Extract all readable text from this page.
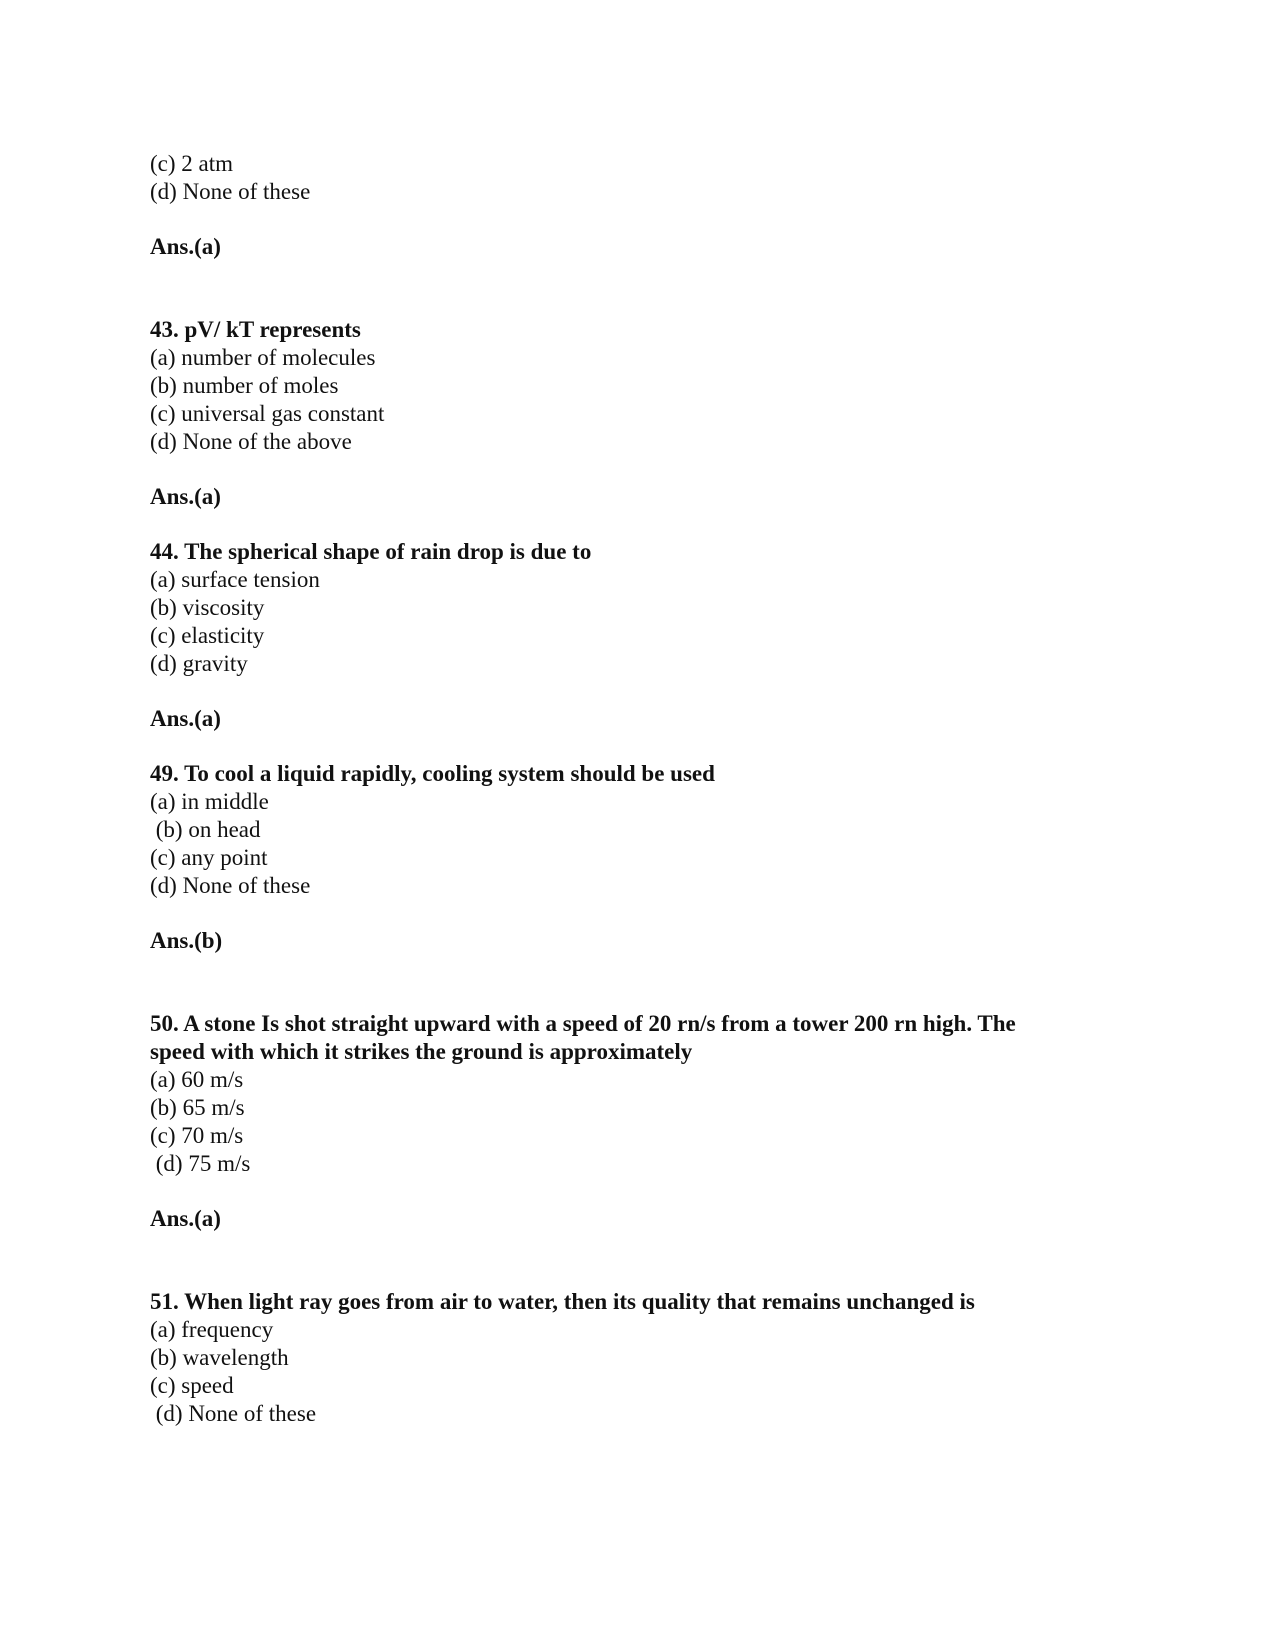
(c) 2 atm
(d) None of these
Ans.(a)
43. pV/ kT represents
(a) number of molecules
(b) number of moles
(c) universal gas constant
(d) None of the above
Ans.(a)
44. The spherical shape of rain drop is due to
(a) surface tension
(b) viscosity
(c) elasticity
(d) gravity
Ans.(a)
49. To cool a liquid rapidly, cooling system should be used
(a) in middle
(b) on head
(c) any point
(d) None of these
Ans.(b)
50. A stone Is shot straight upward with a speed of 20 rn/s from a tower 200 rn high. The
speed with which it strikes the ground is approximately
(a) 60 m/s
(b) 65 m/s
(c) 70 m/s
(d) 75 m/s
Ans.(a)
51. When light ray goes from air to water, then its quality that remains unchanged is
(a) frequency
(b) wavelength
(c) speed
(d) None of these
